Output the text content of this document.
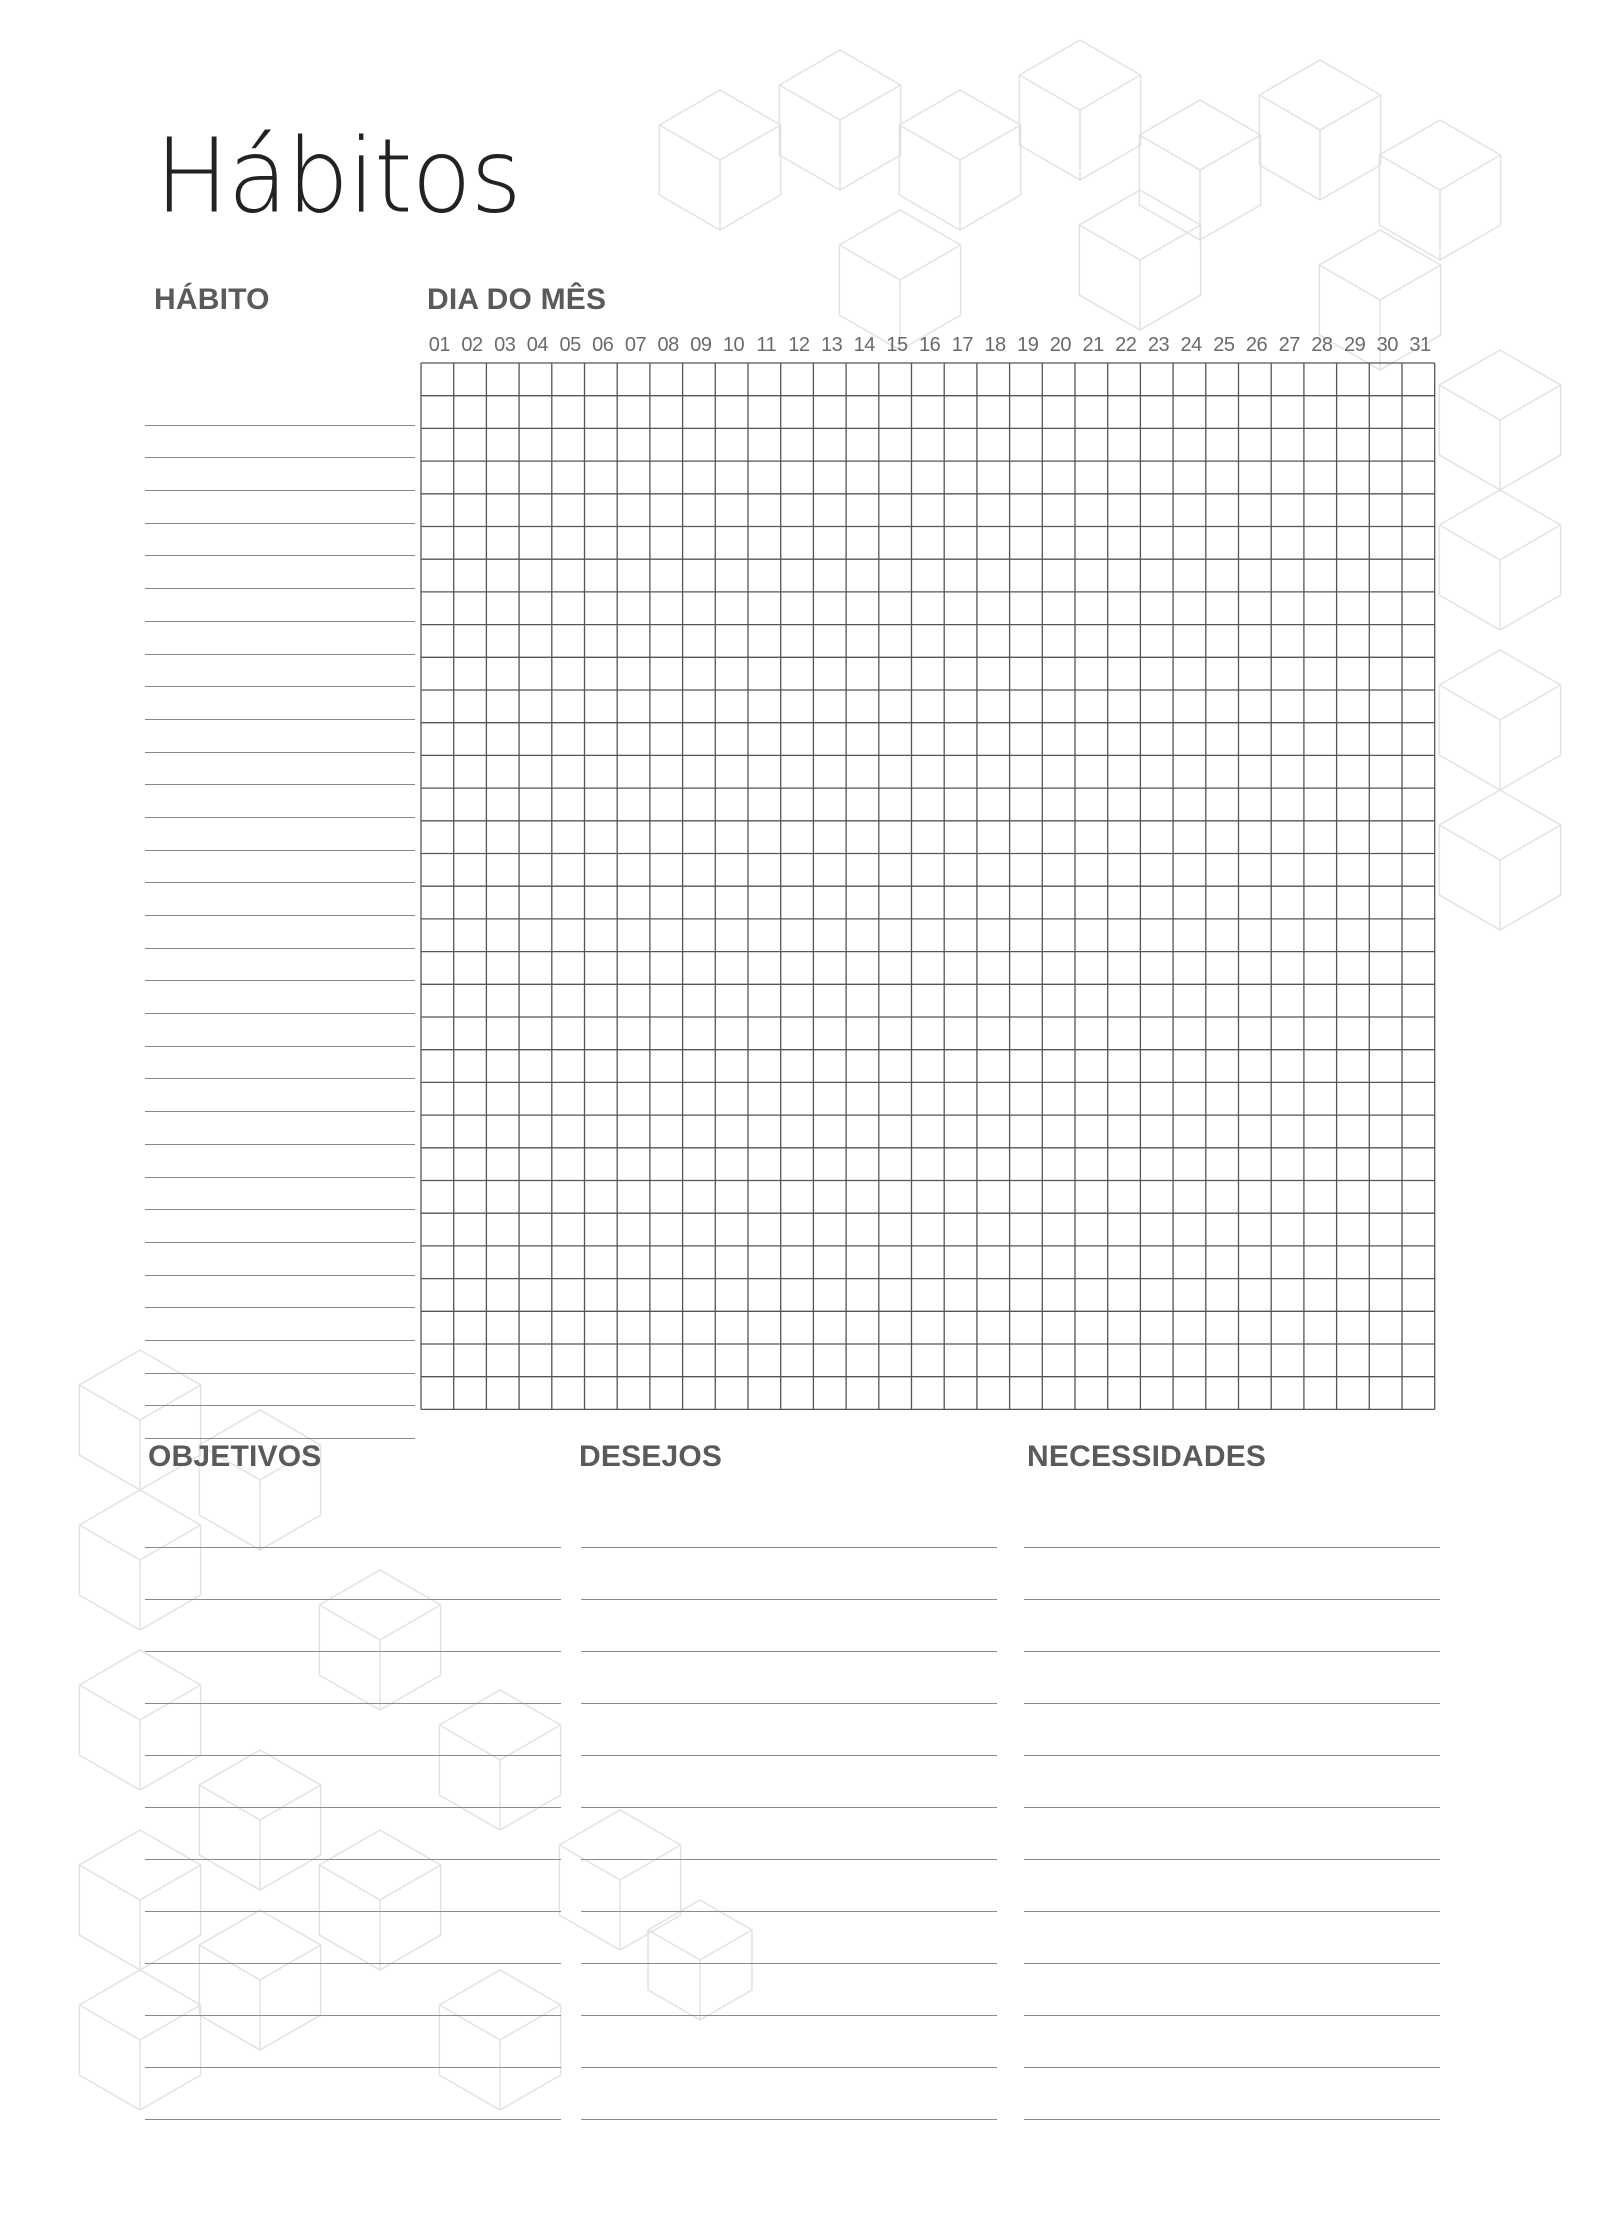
Hábitos
HÁBITO	DIA DO MÊS
01 02 03 04 05 06 07 08 09 10 11 12 13 14 15 16 17 18 19 20 21 22 23 24 25 26 27 28 29 30 31
OBJETIVOS	DESEJOS	NECESSIDADES
